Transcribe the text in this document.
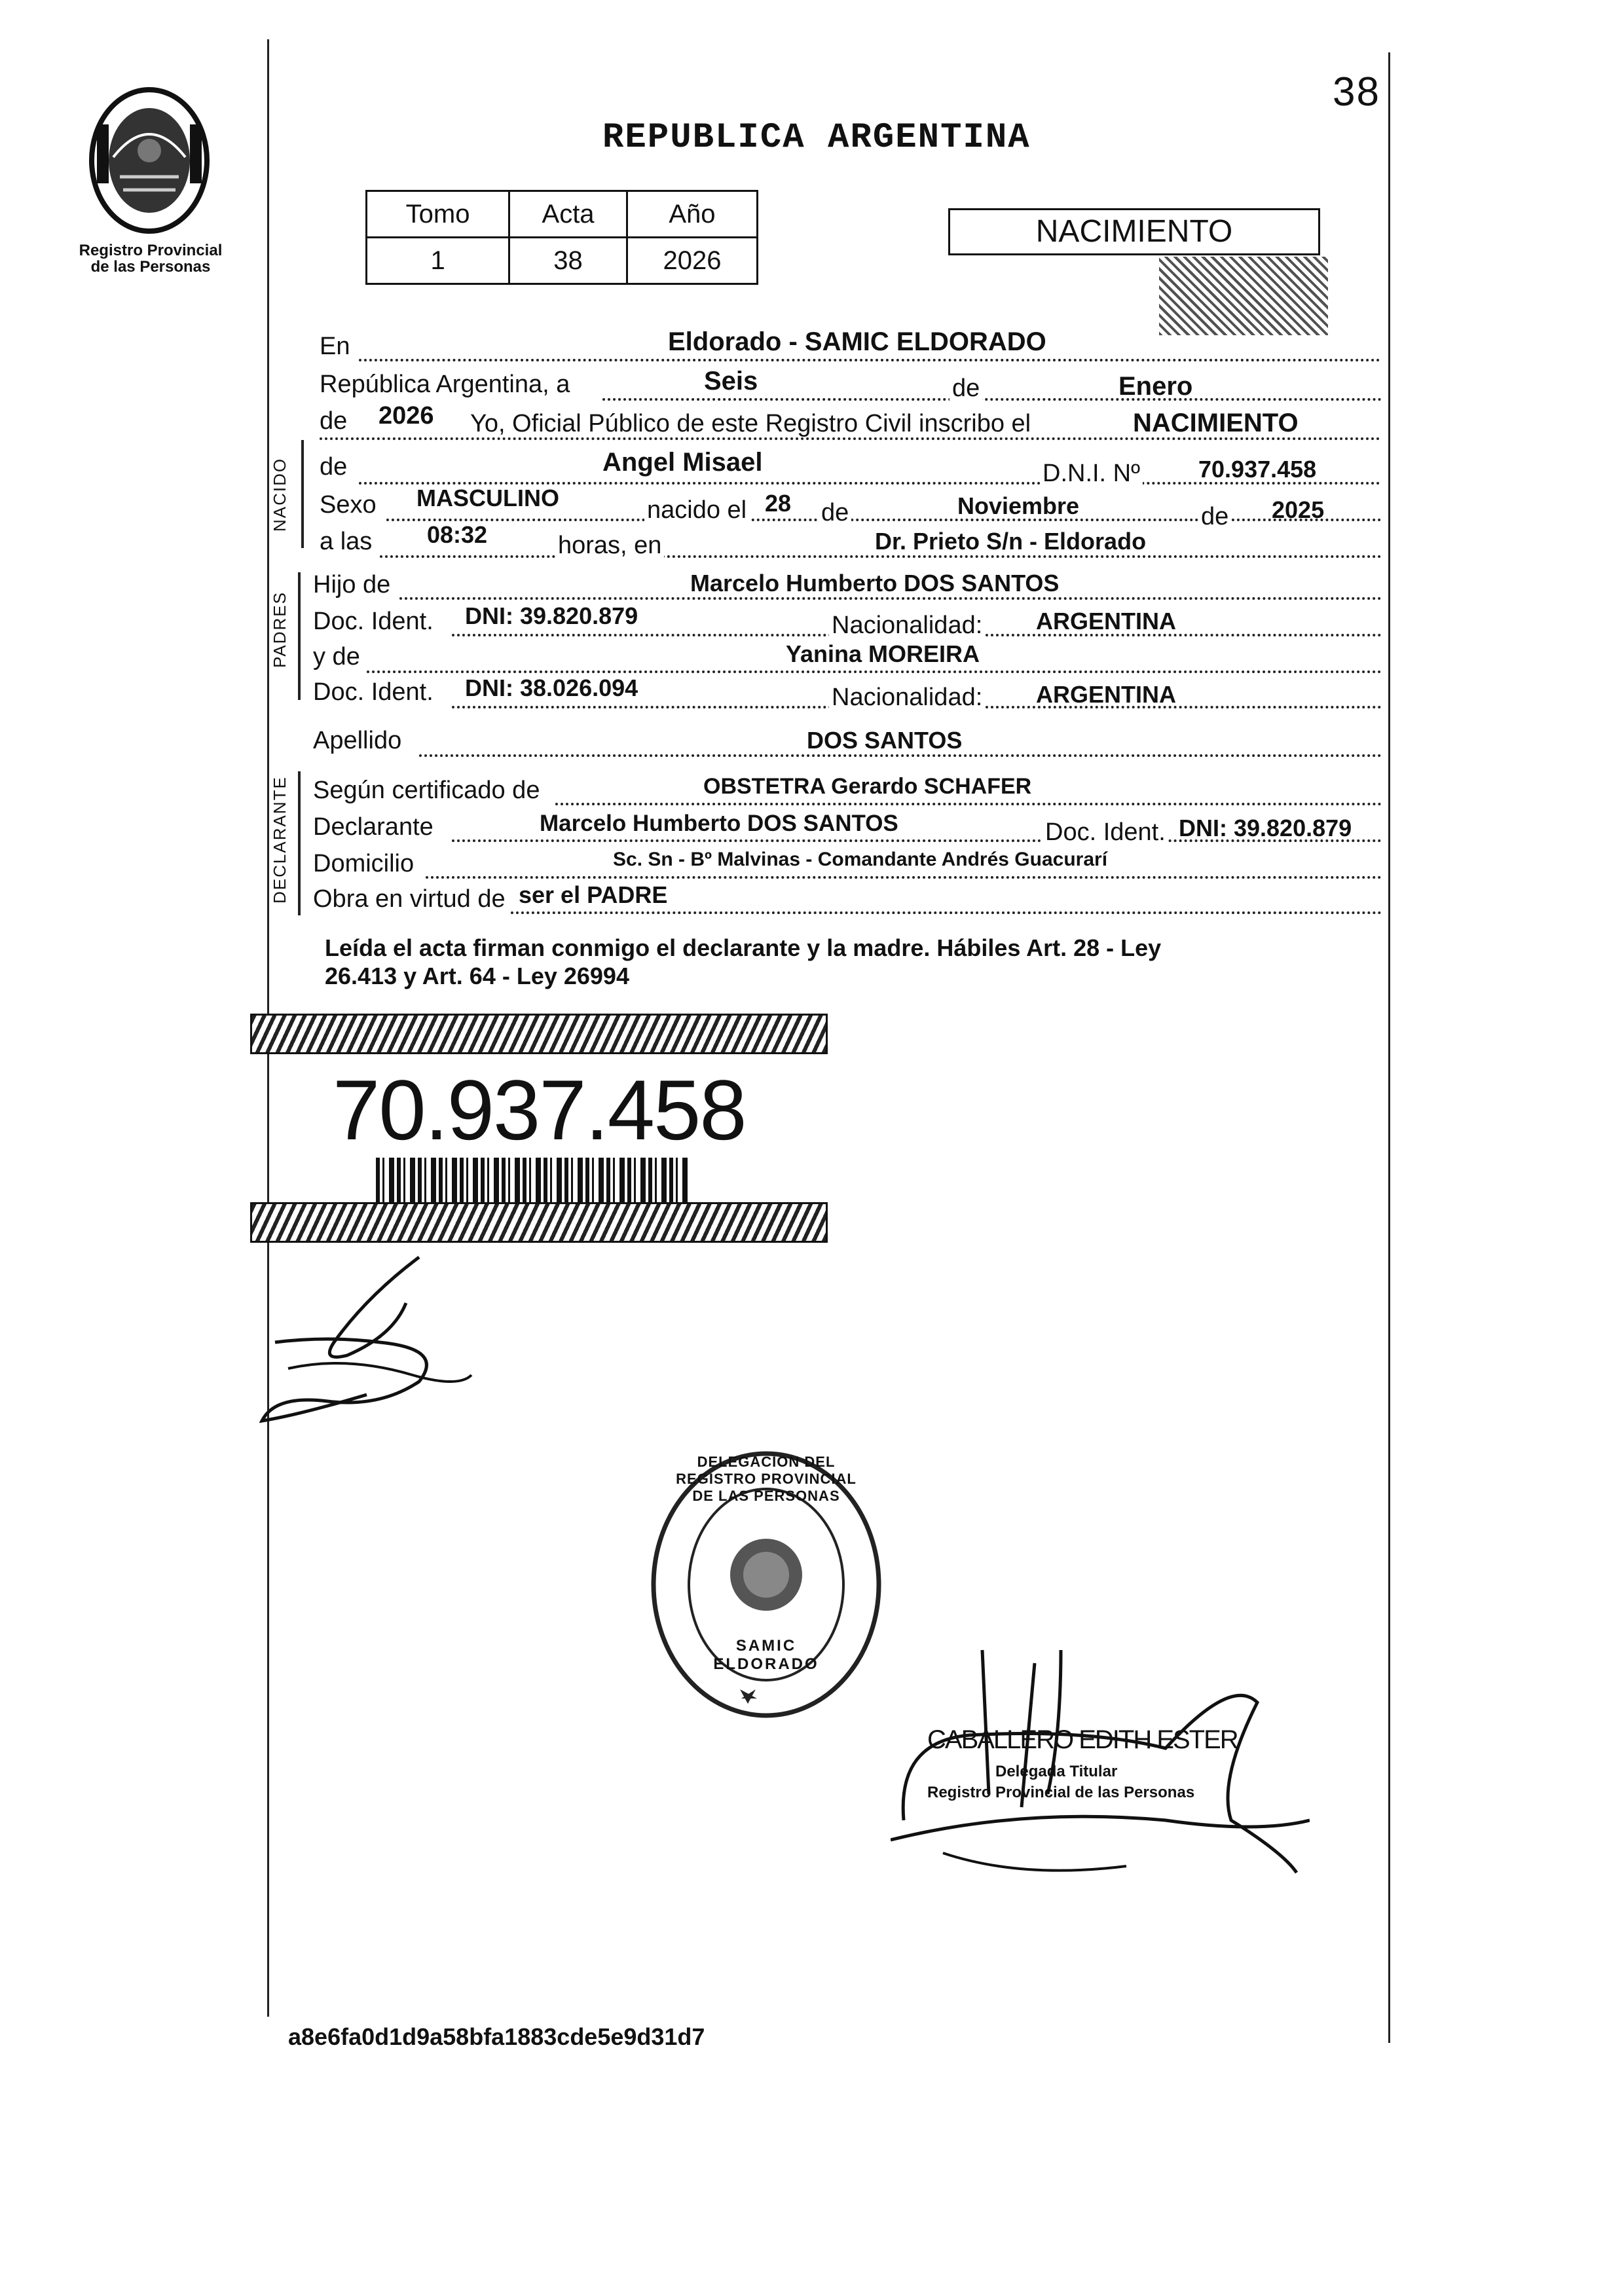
Registro Provincial
de las Personas
38
REPUBLICA ARGENTINA
Tomo	Acta	Año
1	38	2026
NACIMIENTO
En	Eldorado - SAMIC ELDORADO
República Argentina, a	Seis	de	Enero
de 2026 Yo, Oficial Público de este Registro Civil inscribo el	NACIMIENTO
NACIDO de	Angel Misael	D.N.I. Nº 70.937.458
Sexo MASCULINO	nacido el 28 de	Noviembre	de 2025
a las 08:32	horas, en	Dr. Prieto S/n - Eldorado
PADRES
Hijo de	Marcelo Humberto DOS SANTOS
Doc. Ident. DNI: 39.820.879	Nacionalidad: ARGENTINA
y de	Yanina MOREIRA
Doc. Ident. DNI: 38.026.094	Nacionalidad: ARGENTINA
Apellido	DOS SANTOS
DECLARANTE Según certificado de	OBSTETRA Gerardo SCHAFER
Declarante	Marcelo Humberto DOS SANTOS	Doc. Ident. DNI: 39.820.879
Domicilio	Sc. Sn - Bº Malvinas - Comandante Andrés Guacurarí
Obra en virtud de ser el PADRE
Leída el acta firman conmigo el declarante y la madre. Hábiles Art. 28 - Ley
26.413 y Art. 64 - Ley 26994
70.937.458
DELEGACION DEL REGISTRO PROVINCIAL DE LAS PERSONAS
SAMIC ELDORADO
CABALLERO EDITH ESTER
Delegada Titular
Registro Provincial de las Personas
a8e6fa0d1d9a58bfa1883cde5e9d31d7
